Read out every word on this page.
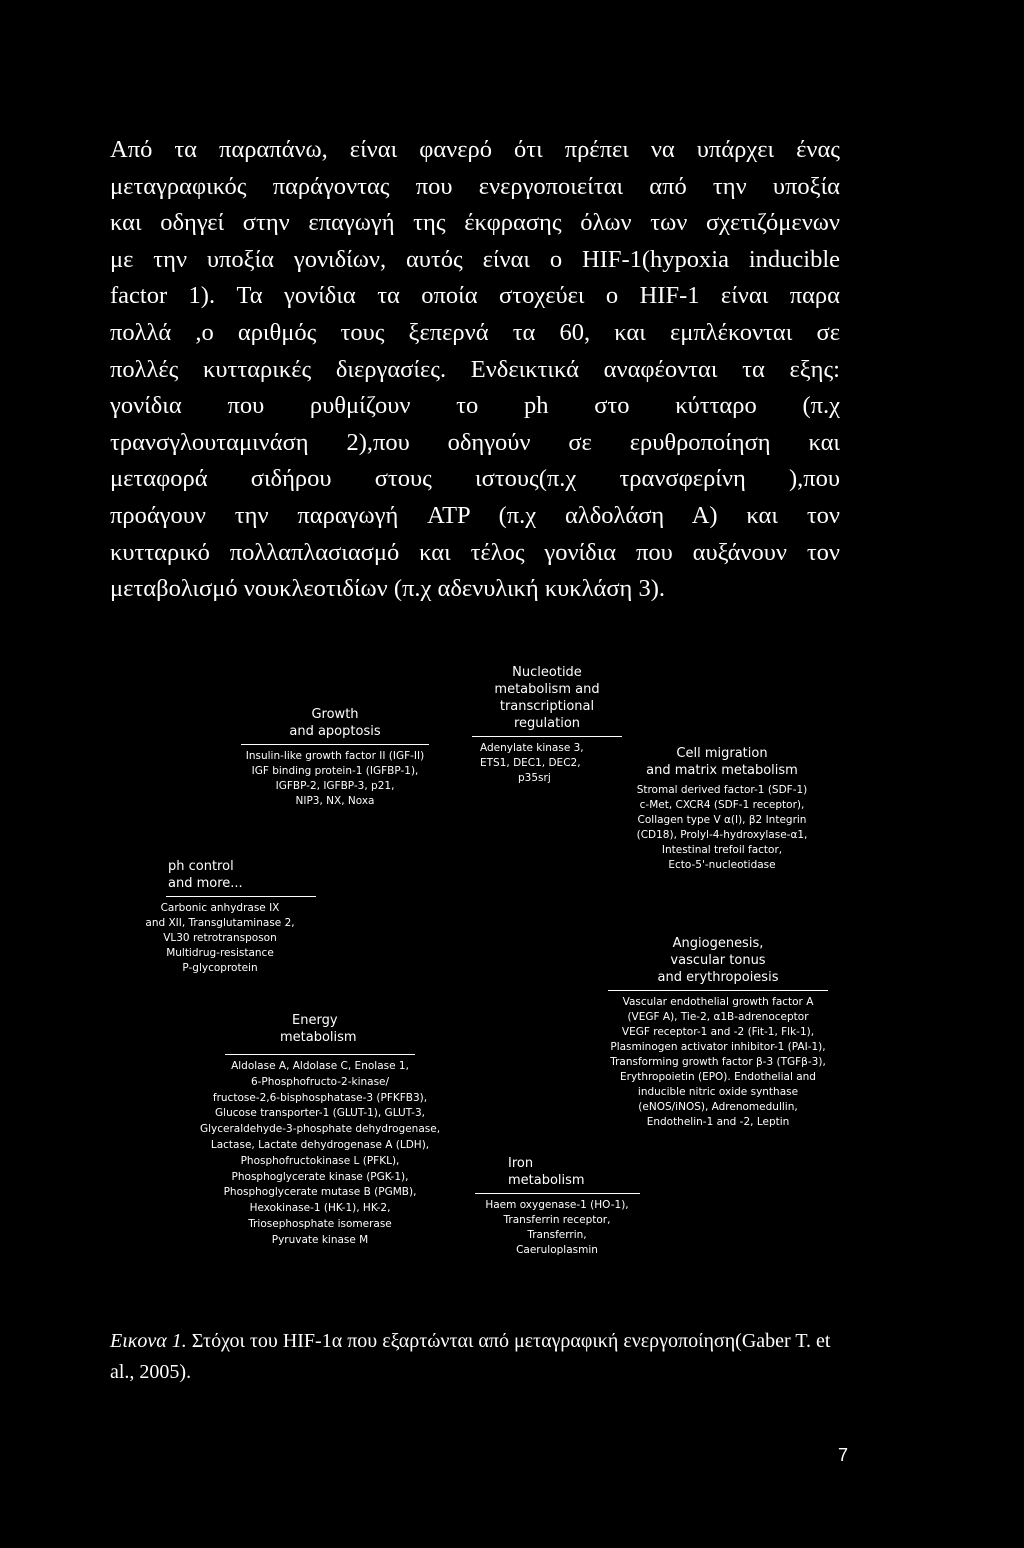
Από τα παραπάνω, είναι φανερό ότι πρέπει να υπάρχει ένας
μεταγραφικός παράγοντας που ενεργοποιείται από την υποξία
και οδηγεί στην επαγωγή της έκφρασης όλων των σχετιζόμενων
με την υποξία γονιδίων, αυτός είναι ο HIF-1(hypoxia inducible
factor 1). Τα γονίδια τα οποία στοχεύει ο HIF-1 είναι παρα
πολλά ,ο αριθμός τους ξεπερνά τα 60, και εμπλέκονται σε
πολλές κυτταρικές διεργασίες. Ενδεικτικά αναφέονται τα εξης:
γονίδια που ρυθμίζουν το ph στο κύτταρο (π.χ
τρανσγλουταμινάση 2),που οδηγούν σε ερυθροποίηση και
μεταφορά σιδήρου στους ιστους(π.χ τρανσφερίνη ),που
προάγουν την παραγωγή ATP (π.χ αλδολάση Α) και τον
κυτταρικό πολλαπλασιασμό και τέλος γονίδια που αυξάνουν τον
μεταβολισμό νουκλεοτιδίων (π.χ αδενυλική κυκλάση 3).
Nucleotide
metabolism and
transcriptional
regulation
Adenylate kinase 3,
ETS1, DEC1, DEC2,
p35srj
Growth
and apoptosis
Insulin-like growth factor II (IGF-II)
IGF binding protein-1 (IGFBP-1),
IGFBP-2, IGFBP-3, p21,
NIP3, NX, Noxa
Cell migration
and matrix metabolism
Stromal derived factor-1 (SDF-1)
c-Met, CXCR4 (SDF-1 receptor),
Collagen type V α(I), β2 Integrin
(CD18), Prolyl-4-hydroxylase-α1,
Intestinal trefoil factor,
Ecto-5'-nucleotidase
ph control
and more...
Carbonic anhydrase IX
and XII, Transglutaminase 2,
VL30 retrotransposon
Multidrug-resistance
P-glycoprotein
Angiogenesis,
vascular tonus
and erythropoiesis
Vascular endothelial growth factor A
(VEGF A), Tie-2, α1B-adrenoceptor
VEGF receptor-1 and -2 (Fit-1, Flk-1),
Plasminogen activator inhibitor-1 (PAI-1),
Transforming growth factor β-3 (TGFβ-3),
Erythropoietin (EPO). Endothelial and
inducible nitric oxide synthase
(eNOS/iNOS), Adrenomedullin,
Endothelin-1 and -2, Leptin
Energy
metabolism
Aldolase A, Aldolase C, Enolase 1,
6-Phosphofructo-2-kinase/
fructose-2,6-bisphosphatase-3 (PFKFB3),
Glucose transporter-1 (GLUT-1), GLUT-3,
Glyceraldehyde-3-phosphate dehydrogenase,
Lactase, Lactate dehydrogenase A (LDH),
Phosphofructokinase L (PFKL),
Phosphoglycerate kinase (PGK-1),
Phosphoglycerate mutase B (PGMB),
Hexokinase-1 (HK-1), HK-2,
Triosephosphate isomerase
Pyruvate kinase M
Iron
metabolism
Haem oxygenase-1 (HO-1),
Transferrin receptor,
Transferrin,
Caeruloplasmin

Εικονα 1. Στόχοι του HIF-1α που εξαρτώνται από μεταγραφική ενεργοποίηση(Gaber T. et al., 2005).

7
